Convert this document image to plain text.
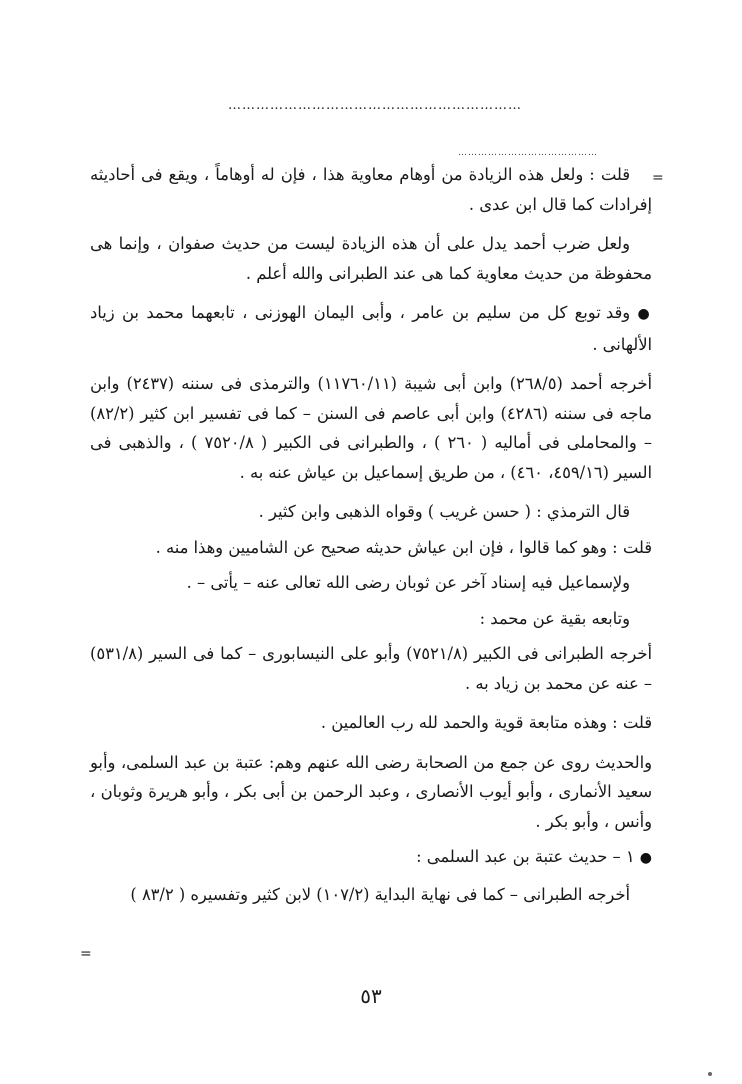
………………………………………………………
……………………………………
=

قلت : ولعل هذه الزيادة من أوهام معاوية هذا ، فإن له أوهاماً ، ويقع فى أحاديثه إفرادات كما قال ابن عدى .

ولعل ضرب أحمد يدل على أن هذه الزيادة ليست من حديث صفوان ، وإنما هى محفوظة من حديث معاوية كما هى عند الطبرانى والله أعلم .

● وقد توبع كل من سليم بن عامر ، وأبى اليمان الهوزنى ، تابعهما محمد بن زياد الألهانى .

أخرجه أحمد (٢٦٨/٥) وابن أبى شيبة (١١٧٦٠/١١) والترمذى فى سننه (٢٤٣٧) وابن ماجه فى سننه (٤٢٨٦) وابن أبى عاصم فى السنن – كما فى تفسير ابن كثير (٨٢/٢) – والمحاملى فى أماليه ( ٢٦٠ ) ، والطبرانى فى الكبير ( ٧٥٢٠/٨ ) ، والذهبى فى السير (٤٥٩/١٦، ٤٦٠) ، من طريق إسماعيل بن عياش عنه به .

قال الترمذي : ( حسن غريب ) وقواه الذهبى وابن كثير .

قلت : وهو كما قالوا ، فإن ابن عياش حديثه صحيح عن الشاميين وهذا منه .

ولإسماعيل فيه إسناد آخر عن ثوبان رضى الله تعالى عنه – يأتى – .

وتابعه بقية عن محمد :

أخرجه الطبرانى فى الكبير (٧٥٢١/٨) وأبو على النيسابورى – كما فى السير (٥٣١/٨) – عنه عن محمد بن زياد به .

قلت : وهذه متابعة قوية والحمد لله رب العالمين .

والحديث روى عن جمع من الصحابة رضى الله عنهم وهم: عتبة بن عبد السلمى، وأبو سعيد الأنمارى ، وأبو أيوب الأنصارى ، وعبد الرحمن بن أبى بكر ، وأبو هريرة وثوبان ، وأنس ، وأبو بكر .

● ١ – حديث عتبة بن عبد السلمى :

أخرجه الطبرانى – كما فى نهاية البداية (١٠٧/٢) لابن كثير وتفسيره ( ٨٣/٢ )

=
٥٣
